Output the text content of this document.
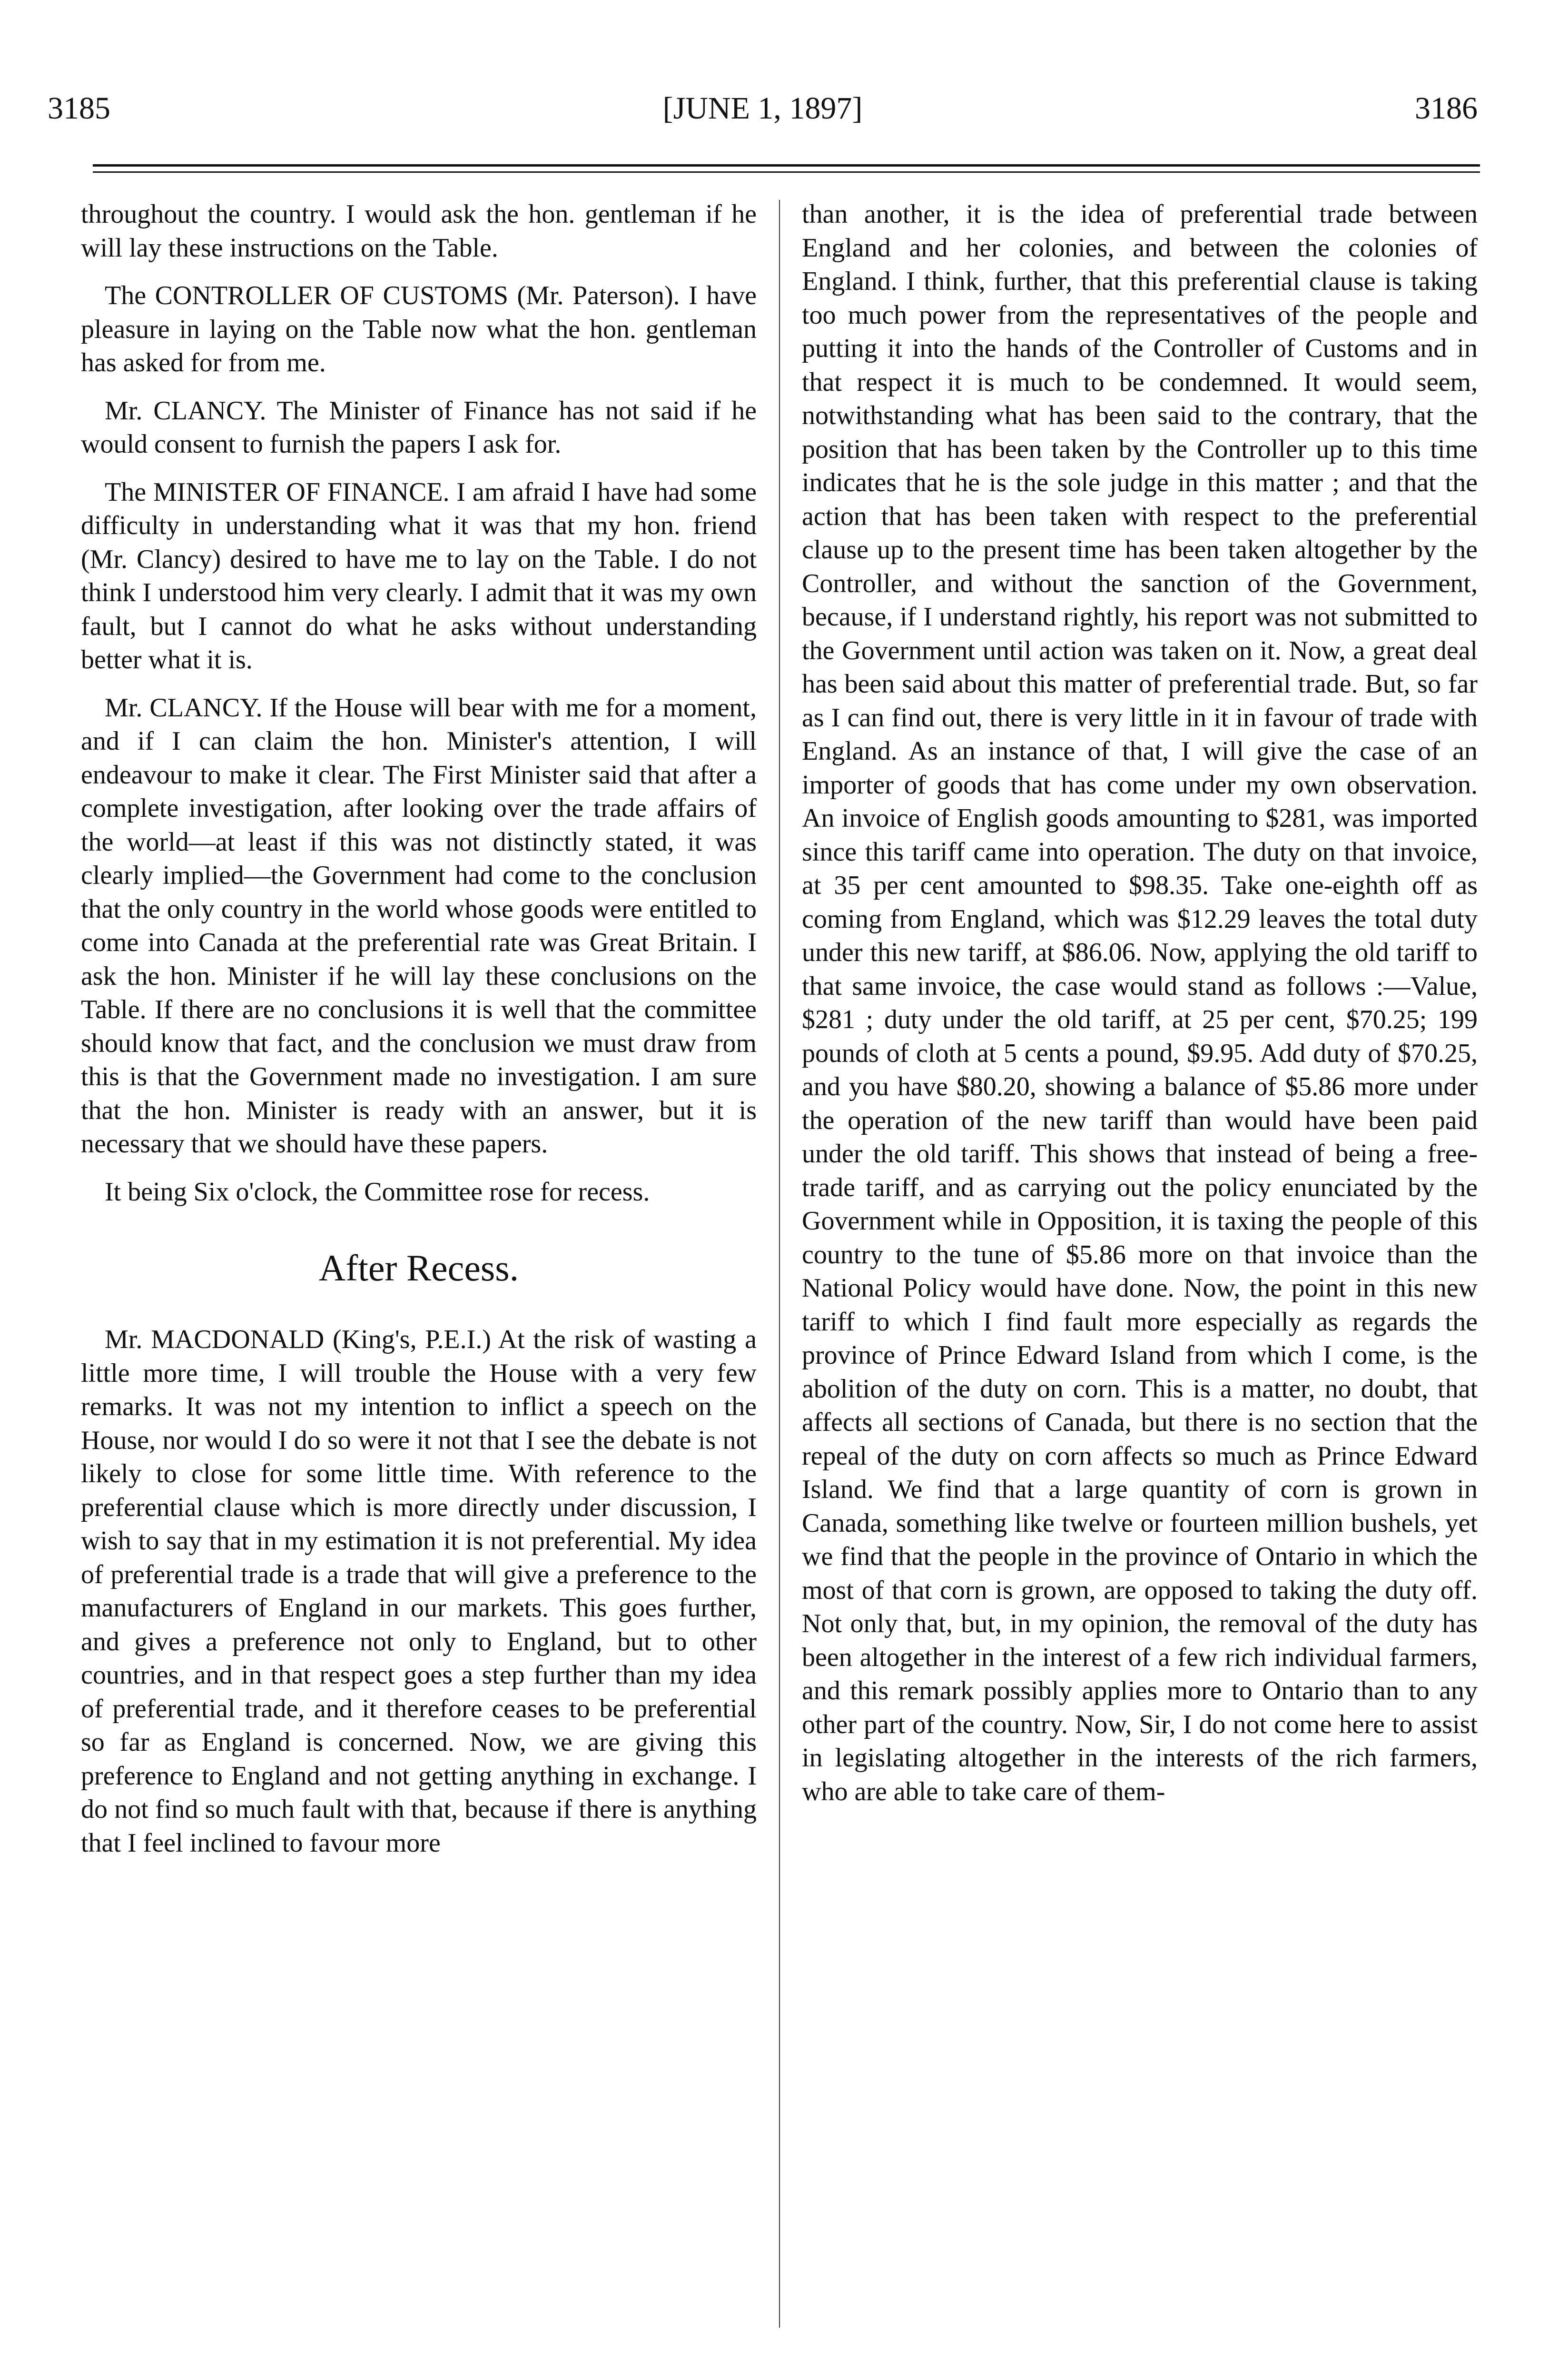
3185	[JUNE 1, 1897]	3186

throughout the country. I would ask the hon. gentleman if he will lay these instructions on the Table.

The CONTROLLER OF CUSTOMS (Mr. Paterson). I have pleasure in laying on the Table now what the hon. gentleman has asked for from me.

Mr. CLANCY. The Minister of Finance has not said if he would consent to furnish the papers I ask for.

The MINISTER OF FINANCE. I am afraid I have had some difficulty in understanding what it was that my hon. friend (Mr. Clancy) desired to have me to lay on the Table. I do not think I understood him very clearly. I admit that it was my own fault, but I cannot do what he asks without understanding better what it is.

Mr. CLANCY. If the House will bear with me for a moment, and if I can claim the hon. Minister's attention, I will endeavour to make it clear. The First Minister said that after a complete investigation, after looking over the trade affairs of the world—at least if this was not distinctly stated, it was clearly implied—the Government had come to the conclusion that the only country in the world whose goods were entitled to come into Canada at the preferential rate was Great Britain. I ask the hon. Minister if he will lay these conclusions on the Table. If there are no conclusions it is well that the committee should know that fact, and the conclusion we must draw from this is that the Government made no investigation. I am sure that the hon. Minister is ready with an answer, but it is necessary that we should have these papers.

It being Six o'clock, the Committee rose for recess.

After Recess.

Mr. MACDONALD (King's, P.E.I.) At the risk of wasting a little more time, I will trouble the House with a very few remarks. It was not my intention to inflict a speech on the House, nor would I do so were it not that I see the debate is not likely to close for some little time. With reference to the preferential clause which is more directly under discussion, I wish to say that in my estimation it is not preferential. My idea of preferential trade is a trade that will give a preference to the manufacturers of England in our markets. This goes further, and gives a preference not only to England, but to other countries, and in that respect goes a step further than my idea of preferential trade, and it therefore ceases to be preferential so far as England is concerned. Now, we are giving this preference to England and not getting anything in exchange. I do not find so much fault with that, because if there is anything that I feel inclined to favour more

than another, it is the idea of preferential trade between England and her colonies, and between the colonies of England. I think, further, that this preferential clause is taking too much power from the representatives of the people and putting it into the hands of the Controller of Customs and in that respect it is much to be condemned. It would seem, notwithstanding what has been said to the contrary, that the position that has been taken by the Controller up to this time indicates that he is the sole judge in this matter ; and that the action that has been taken with respect to the preferential clause up to the present time has been taken altogether by the Controller, and without the sanction of the Government, because, if I understand rightly, his report was not submitted to the Government until action was taken on it. Now, a great deal has been said about this matter of preferential trade. But, so far as I can find out, there is very little in it in favour of trade with England. As an instance of that, I will give the case of an importer of goods that has come under my own observation. An invoice of English goods amounting to $281, was imported since this tariff came into operation. The duty on that invoice, at 35 per cent amounted to $98.35. Take one-eighth off as coming from England, which was $12.29 leaves the total duty under this new tariff, at $86.06. Now, applying the old tariff to that same invoice, the case would stand as follows :—Value, $281 ; duty under the old tariff, at 25 per cent, $70.25; 199 pounds of cloth at 5 cents a pound, $9.95. Add duty of $70.25, and you have $80.20, showing a balance of $5.86 more under the operation of the new tariff than would have been paid under the old tariff. This shows that instead of being a free-trade tariff, and as carrying out the policy enunciated by the Government while in Opposition, it is taxing the people of this country to the tune of $5.86 more on that invoice than the National Policy would have done. Now, the point in this new tariff to which I find fault more especially as regards the province of Prince Edward Island from which I come, is the abolition of the duty on corn. This is a matter, no doubt, that affects all sections of Canada, but there is no section that the repeal of the duty on corn affects so much as Prince Edward Island. We find that a large quantity of corn is grown in Canada, something like twelve or fourteen million bushels, yet we find that the people in the province of Ontario in which the most of that corn is grown, are opposed to taking the duty off. Not only that, but, in my opinion, the removal of the duty has been altogether in the interest of a few rich individual farmers, and this remark possibly applies more to Ontario than to any other part of the country. Now, Sir, I do not come here to assist in legislating altogether in the interests of the rich farmers, who are able to take care of them-
